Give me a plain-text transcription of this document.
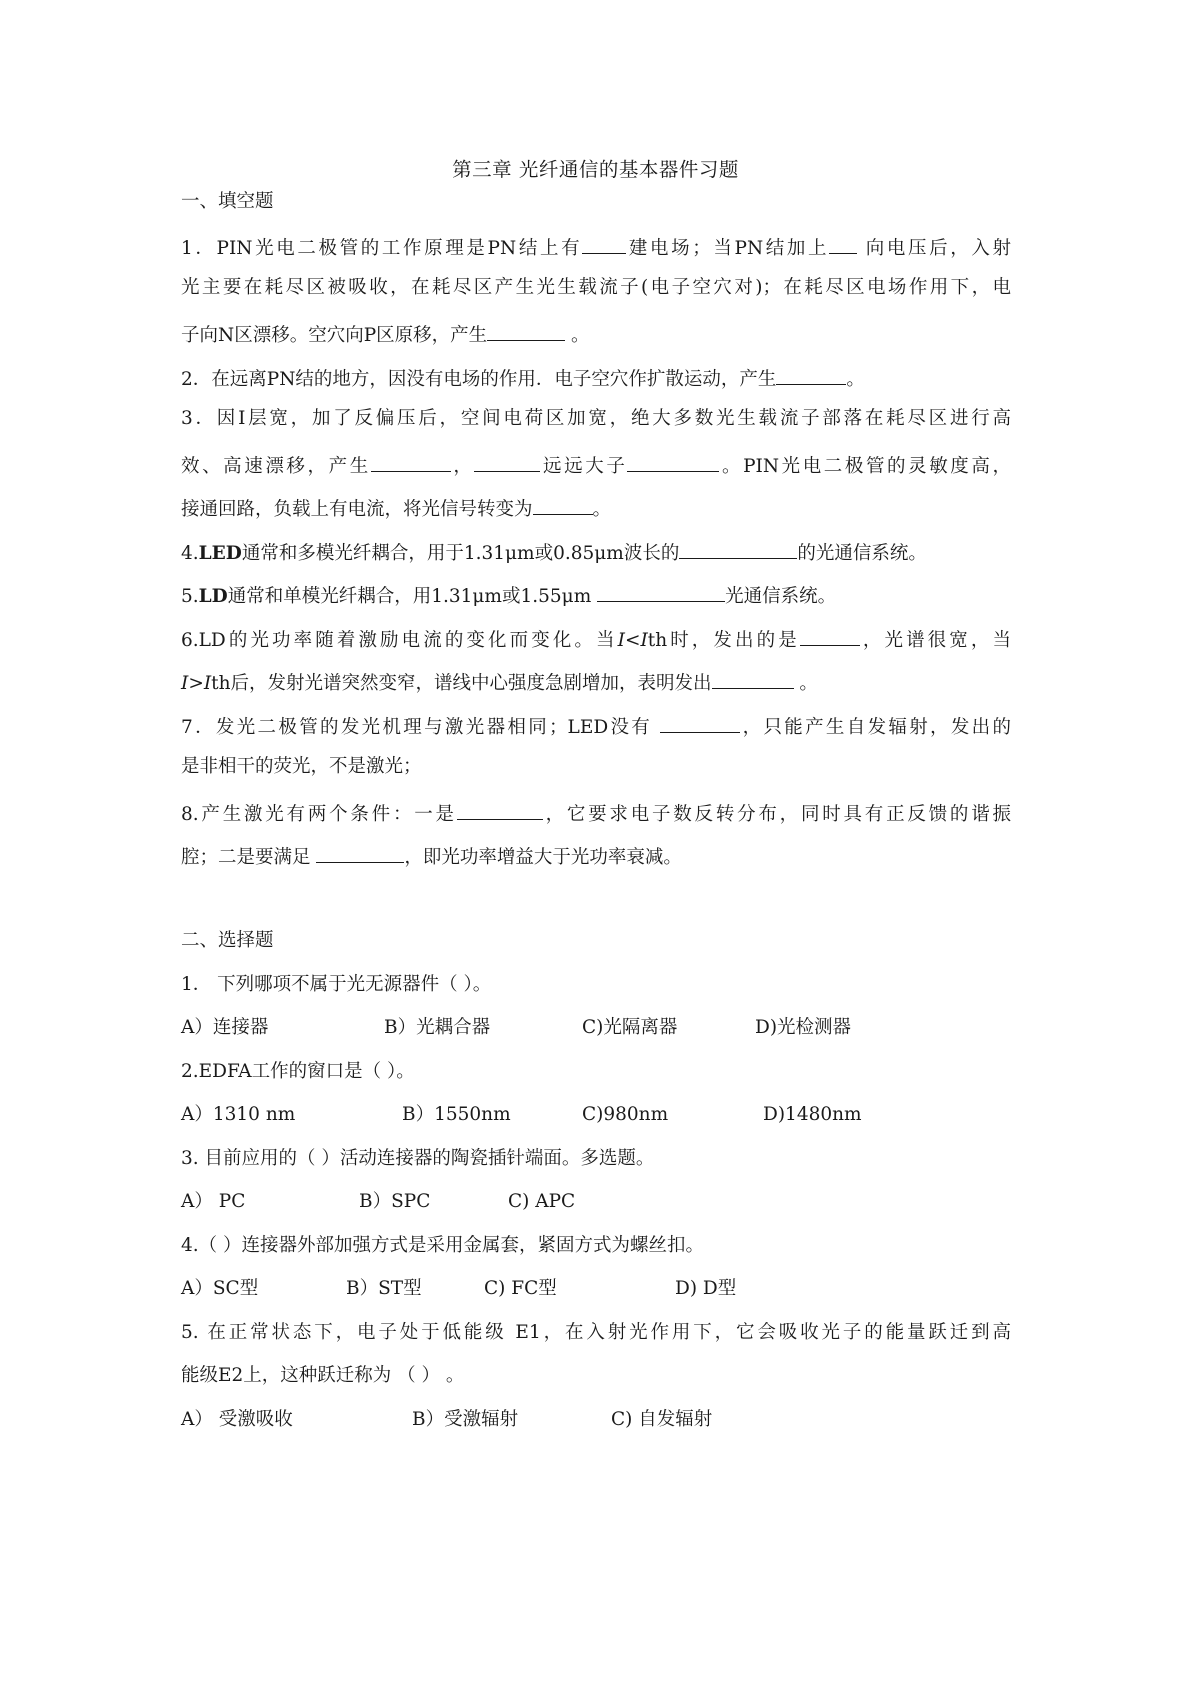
第三章 光纤通信的基本器件习题
一、填空题
1．PIN光电二极管的工作原理是PN结上有 建电场；当PN结加上 向电压后，入射
光主要在耗尽区被吸收，在耗尽区产生光生载流子(电子空穴对)；在耗尽区电场作用下，电
子向N区漂移。空穴向P区原移，产生	。
2．在远离PN结的地方，因没有电场的作用．电子空穴作扩散运动，产生	。
3．因I层宽，加了反偏压后，空间电荷区加宽，绝大多数光生载流子部落在耗尽区进行高
效、高速漂移，产生	，	远远大子	。PIN光电二极管的灵敏度高，
接通回路，负载上有电流，将光信号转变为	。
4.LED通常和多模光纤耦合，用于1.31μm或0.85μm波长的	的光通信系统。
5.LD通常和单模光纤耦合，用1.31μm或1.55μm	光通信系统。
6.LD的光功率随着激励电流的变化而变化。当I<Ith时，发出的是	，光谱很宽，当
I>Ith后，发射光谱突然变窄，谱线中心强度急剧增加，表明发出	。
7．发光二极管的发光机理与激光器相同；LED没有	，只能产生自发辐射，发出的
是非相干的荧光，不是激光；
8.产生激光有两个条件：一是	，它要求电子数反转分布，同时具有正反馈的谐振
腔；二是要满足	，即光功率增益大于光功率衰减。
二、选择题
1． 下列哪项不属于光无源器件（ ）。
A）连接器	B）光耦合器	C)光隔离器	D)光检测器
2.EDFA工作的窗口是（ ）。
A）1310 nm	B）1550nm	C)980nm	D)1480nm
3. 目前应用的（ ）活动连接器的陶瓷插针端面。多选题。
A） PC	B）SPC	C) APC
4.（ ）连接器外部加强方式是采用金属套，紧固方式为螺丝扣。
A）SC型	B）ST型	C) FC型	D) D型
5. 在正常状态下，电子处于低能级 E1，在入射光作用下，它会吸收光子的能量跃迁到高
能级E2上，这种跃迁称为 （ ） 。
A） 受激吸收	B）受激辐射	C) 自发辐射
